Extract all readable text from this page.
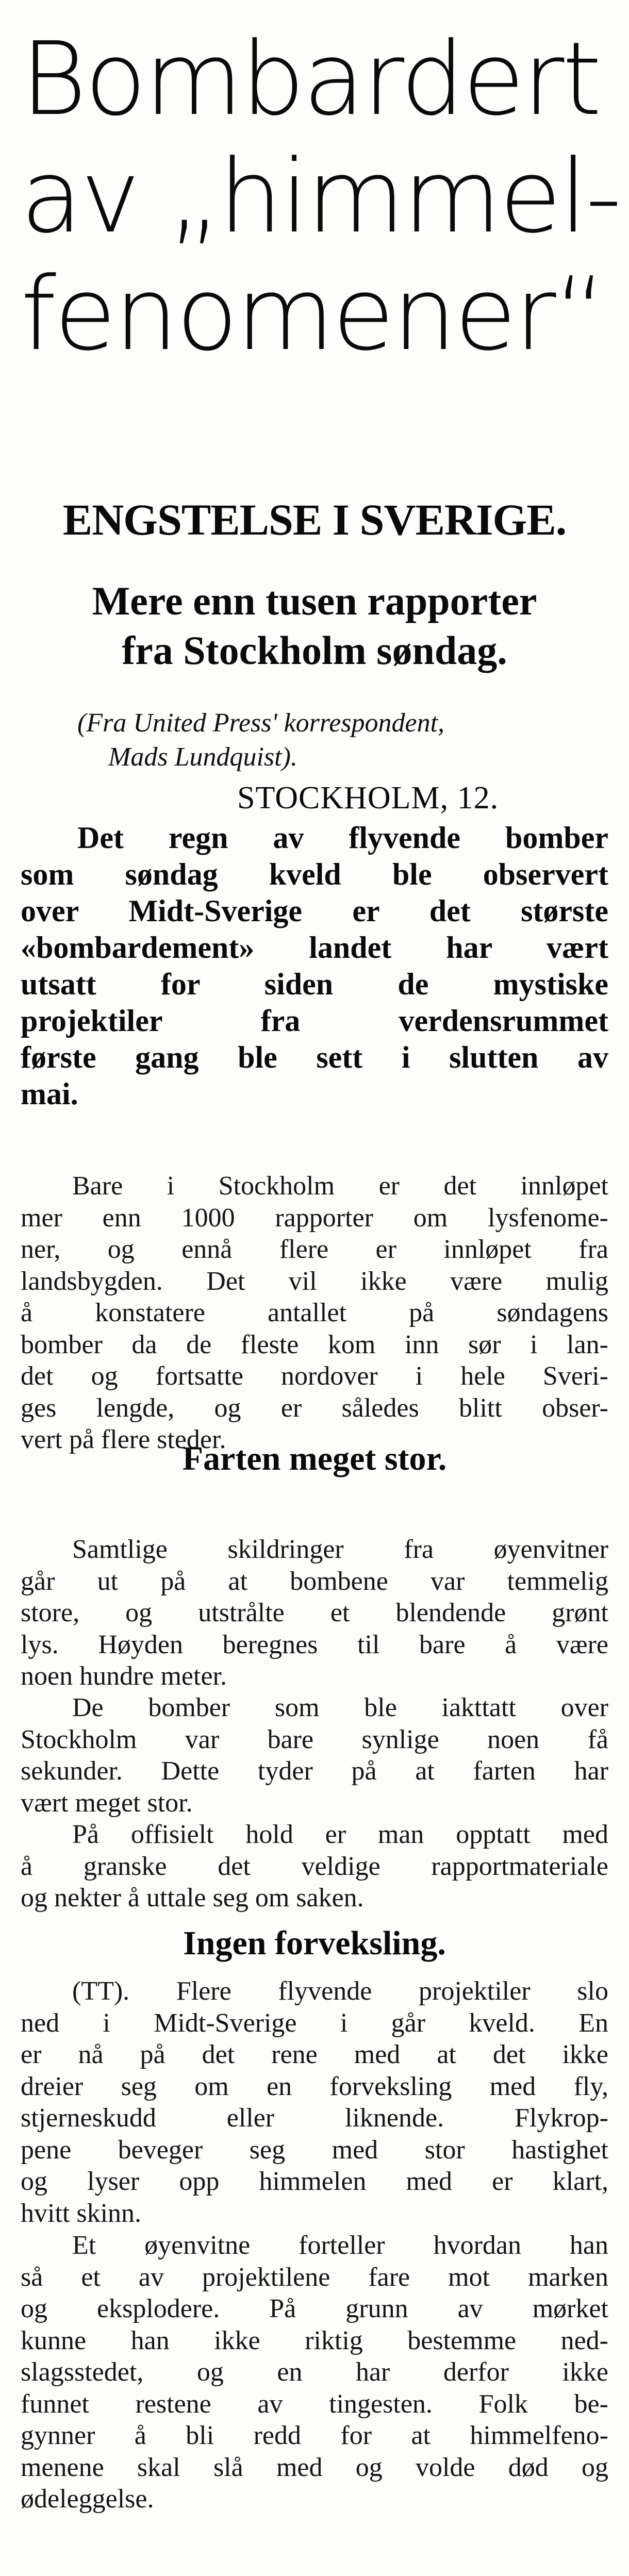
Bombardert
av „himmel-
fenomener“
ENGSTELSE I SVERIGE.
Mere enn tusen rapporter
fra Stockholm søndag.
(Fra United Press' korrespondent,
Mads Lundquist).
STOCKHOLM, 12.
Det regn av flyvende bomber
som søndag kveld ble observert
over Midt-Sverige er det største
«bombardement» landet har vært
utsatt for siden de mystiske
projektiler fra verdensrummet
første gang ble sett i slutten av
mai.
Bare i Stockholm er det innløpet
mer enn 1000 rapporter om lysfenome-
ner, og ennå flere er innløpet fra
landsbygden. Det vil ikke være mulig
å konstatere antallet på søndagens
bomber da de fleste kom inn sør i lan-
det og fortsatte nordover i hele Sveri-
ges lengde, og er således blitt obser-
vert på flere steder.
Farten meget stor.
Samtlige skildringer fra øyenvitner
går ut på at bombene var temmelig
store, og utstrålte et blendende grønt
lys. Høyden beregnes til bare å være
noen hundre meter.
De bomber som ble iakttatt over
Stockholm var bare synlige noen få
sekunder. Dette tyder på at farten har
vært meget stor.
På offisielt hold er man opptatt med
å granske det veldige rapportmateriale
og nekter å uttale seg om saken.
Ingen forveksling.
(TT). Flere flyvende projektiler slo
ned i Midt-Sverige i går kveld. En
er nå på det rene med at det ikke
dreier seg om en forveksling med fly,
stjerneskudd eller liknende. Flykrop-
pene beveger seg med stor hastighet
og lyser opp himmelen med er klart,
hvitt skinn.
Et øyenvitne forteller hvordan han
så et av projektilene fare mot marken
og eksplodere. På grunn av mørket
kunne han ikke riktig bestemme ned-
slagsstedet, og en har derfor ikke
funnet restene av tingesten. Folk be-
gynner å bli redd for at himmelfeno-
menene skal slå med og volde død og
ødeleggelse.
